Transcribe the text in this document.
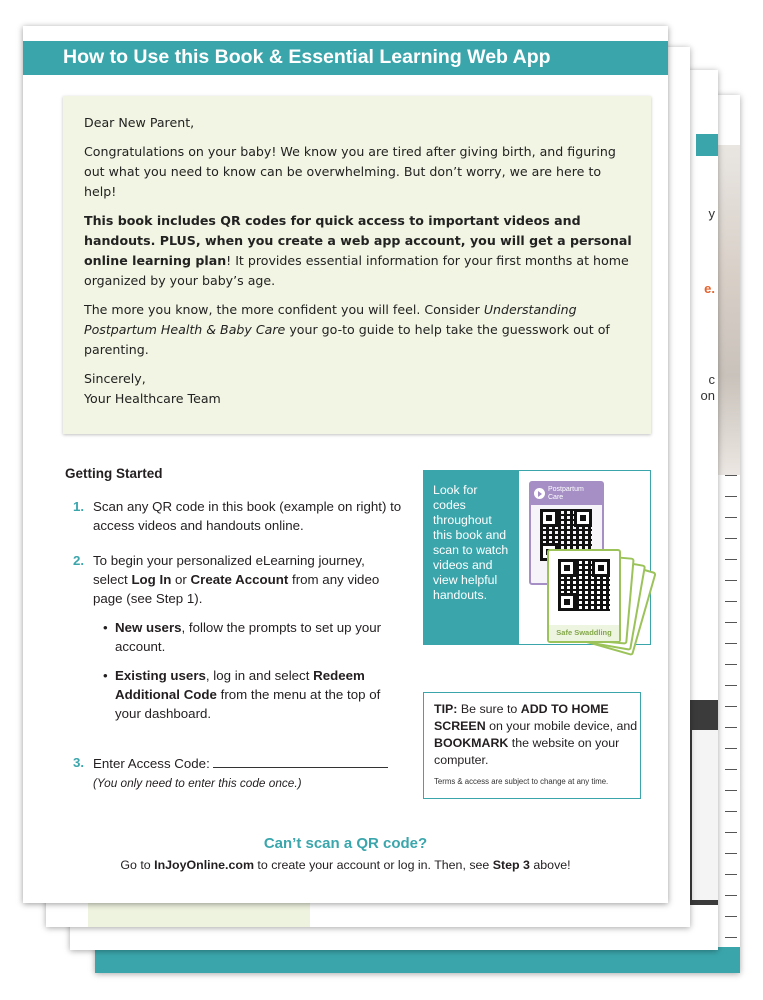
y
e.
c
on
How to Use this Book & Essential Learning Web App

Dear New Parent,

Congratulations on your baby! We know you are tired after giving birth, and figuring out what you need to know can be overwhelming. But don’t worry, we are here to help!

This book includes QR codes for quick access to important videos and handouts. PLUS, when you create a web app account, you will get a personal online learning plan! It provides essential information for your first months at home organized by your baby’s age.

The more you know, the more confident you will feel. Consider Understanding Postpartum Health & Baby Care your go-to guide to help take the guesswork out of parenting.

Sincerely,

Your Healthcare Team

Getting Started
1. Scan any QR code in this book (example on right) to access videos and handouts online.
2. To begin your personalized eLearning journey, select Log In or Create Account from any video page (see Step 1).
• New users, follow the prompts to set up your account.
• Existing users, log in and select Redeem Additional Code from the menu at the top of your dashboard.
3. Enter Access Code:
(You only need to enter this code once.)
Look for codes throughout this book and scan to watch videos and view helpful handouts.
Postpartum Care
Safe Swaddling
TIP: Be sure to ADD TO HOME SCREEN on your mobile device, and BOOKMARK the website on your computer.
Terms & access are subject to change at any time.
Can’t scan a QR code?
Go to InJoyOnline.com to create your account or log in. Then, see Step 3 above!
